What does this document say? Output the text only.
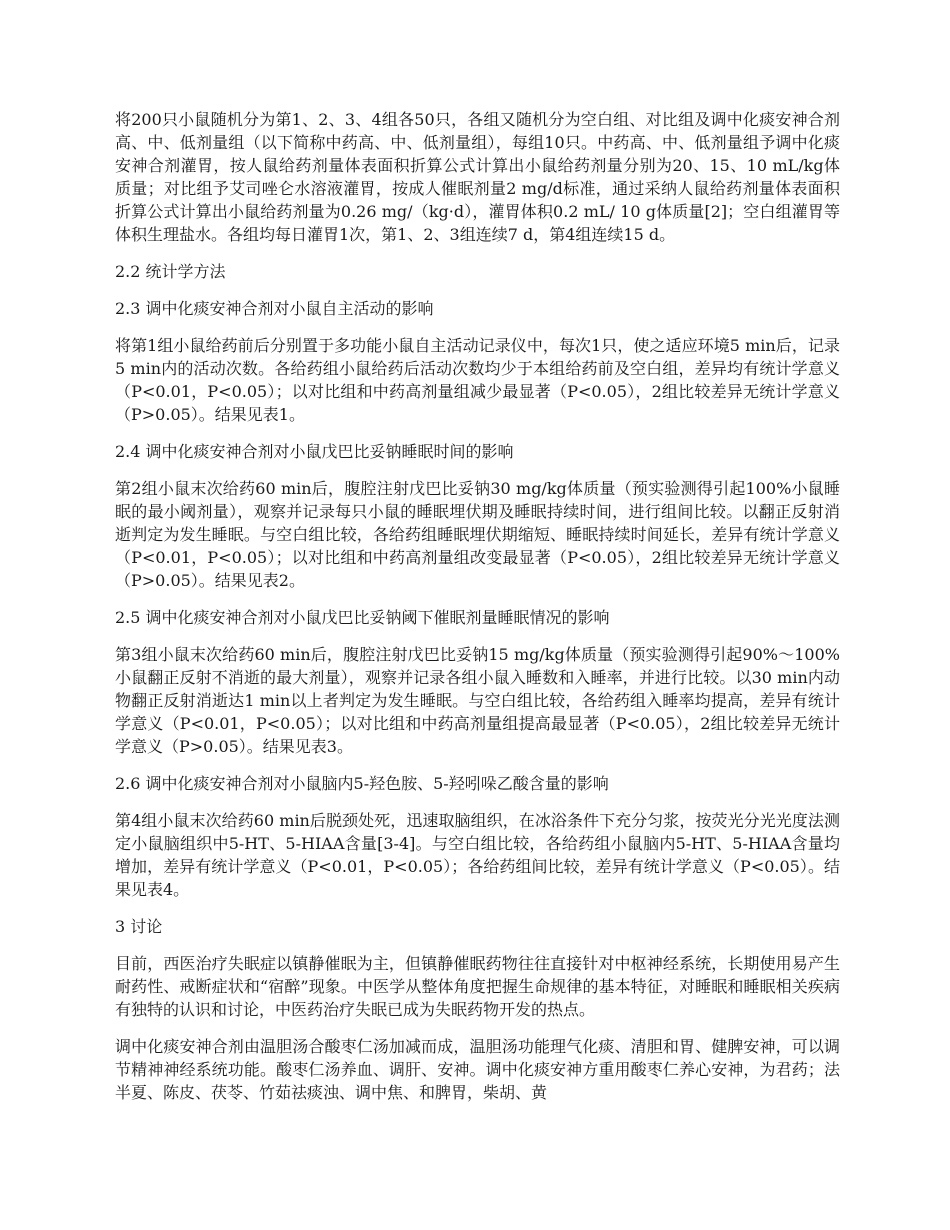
将200只小鼠随机分为第1、2、3、4组各50只，各组又随机分为空白组、对比组及调中化痰安神合剂高、中、低剂量组（以下简称中药高、中、低剂量组），每组10只。中药高、中、低剂量组予调中化痰安神合剂灌胃，按人鼠给药剂量体表面积折算公式计算出小鼠给药剂量分别为20、15、10 mL/kg体质量；对比组予艾司唑仑水溶液灌胃，按成人催眠剂量2 mg/d标准，通过采纳人鼠给药剂量体表面积折算公式计算出小鼠给药剂量为0.26 mg/（kg·d），灌胃体积0.2 mL/ 10 g体质量[2]；空白组灌胃等体积生理盐水。各组均每日灌胃1次，第1、2、3组连续7 d，第4组连续15 d。

2.2 统计学方法
2.3 调中化痰安神合剂对小鼠自主活动的影响

将第1组小鼠给药前后分别置于多功能小鼠自主活动记录仪中，每次1只，使之适应环境5 min后，记录5 min内的活动次数。各给药组小鼠给药后活动次数均少于本组给药前及空白组，差异均有统计学意义（P<0.01，P<0.05）；以对比组和中药高剂量组减少最显著（P<0.05），2组比较差异无统计学意义（P>0.05）。结果见表1。

2.4 调中化痰安神合剂对小鼠戊巴比妥钠睡眠时间的影响

第2组小鼠末次给药60 min后，腹腔注射戊巴比妥钠30 mg/kg体质量（预实验测得引起100%小鼠睡眠的最小阈剂量），观察并记录每只小鼠的睡眠埋伏期及睡眠持续时间，进行组间比较。以翻正反射消逝判定为发生睡眠。与空白组比较，各给药组睡眠埋伏期缩短、睡眠持续时间延长，差异有统计学意义（P<0.01，P<0.05）；以对比组和中药高剂量组改变最显著（P<0.05），2组比较差异无统计学意义（P>0.05）。结果见表2。

2.5 调中化痰安神合剂对小鼠戊巴比妥钠阈下催眠剂量睡眠情况的影响

第3组小鼠末次给药60 min后，腹腔注射戊巴比妥钠15 mg/kg体质量（预实验测得引起90%～100%小鼠翻正反射不消逝的最大剂量），观察并记录各组小鼠入睡数和入睡率，并进行比较。以30 min内动物翻正反射消逝达1 min以上者判定为发生睡眠。与空白组比较，各给药组入睡率均提高，差异有统计学意义（P<0.01，P<0.05）；以对比组和中药高剂量组提高最显著（P<0.05），2组比较差异无统计学意义（P>0.05）。结果见表3。

2.6 调中化痰安神合剂对小鼠脑内5-羟色胺、5-羟吲哚乙酸含量的影响

第4组小鼠末次给药60 min后脱颈处死，迅速取脑组织，在冰浴条件下充分匀浆，按荧光分光光度法测定小鼠脑组织中5-HT、5-HIAA含量[3-4]。与空白组比较，各给药组小鼠脑内5-HT、5-HIAA含量均增加，差异有统计学意义（P<0.01，P<0.05）；各给药组间比较，差异有统计学意义（P<0.05）。结果见表4。

3 讨论

目前，西医治疗失眠症以镇静催眠为主，但镇静催眠药物往往直接针对中枢神经系统，长期使用易产生耐药性、戒断症状和“宿醉”现象。中医学从整体角度把握生命规律的基本特征，对睡眠和睡眠相关疾病有独特的认识和讨论，中医药治疗失眠已成为失眠药物开发的热点。

调中化痰安神合剂由温胆汤合酸枣仁汤加减而成，温胆汤功能理气化痰、清胆和胃、健脾安神，可以调节精神神经系统功能。酸枣仁汤养血、调肝、安神。调中化痰安神方重用酸枣仁养心安神，为君药；法半夏、陈皮、茯苓、竹茹祛痰浊、调中焦、和脾胃，柴胡、黄
